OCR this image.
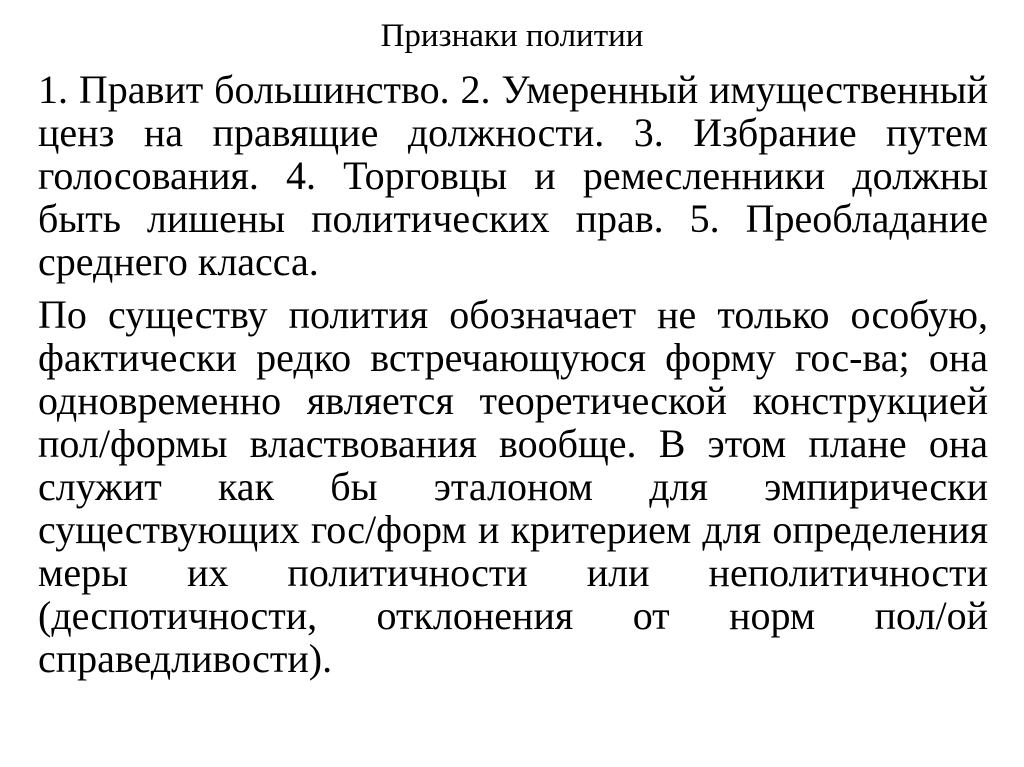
Признаки политии

1. Правит большинство. 2. Умеренный имущественный ценз на правящие должности. 3. Избрание путем голосования. 4. Торговцы и ремесленники должны быть лишены политических прав. 5. Преобладание среднего класса.

По существу полития обозначает не только особую, фактически редко встречающуюся форму гос-ва; она одновременно является теоретической конструкцией пол/формы властвования вообще. В этом плане она служит как бы эталоном для эмпирически существующих гос/форм и критерием для определения меры их политичности или неполитичности (деспотичности, отклонения от норм пол/ой справедливости).
